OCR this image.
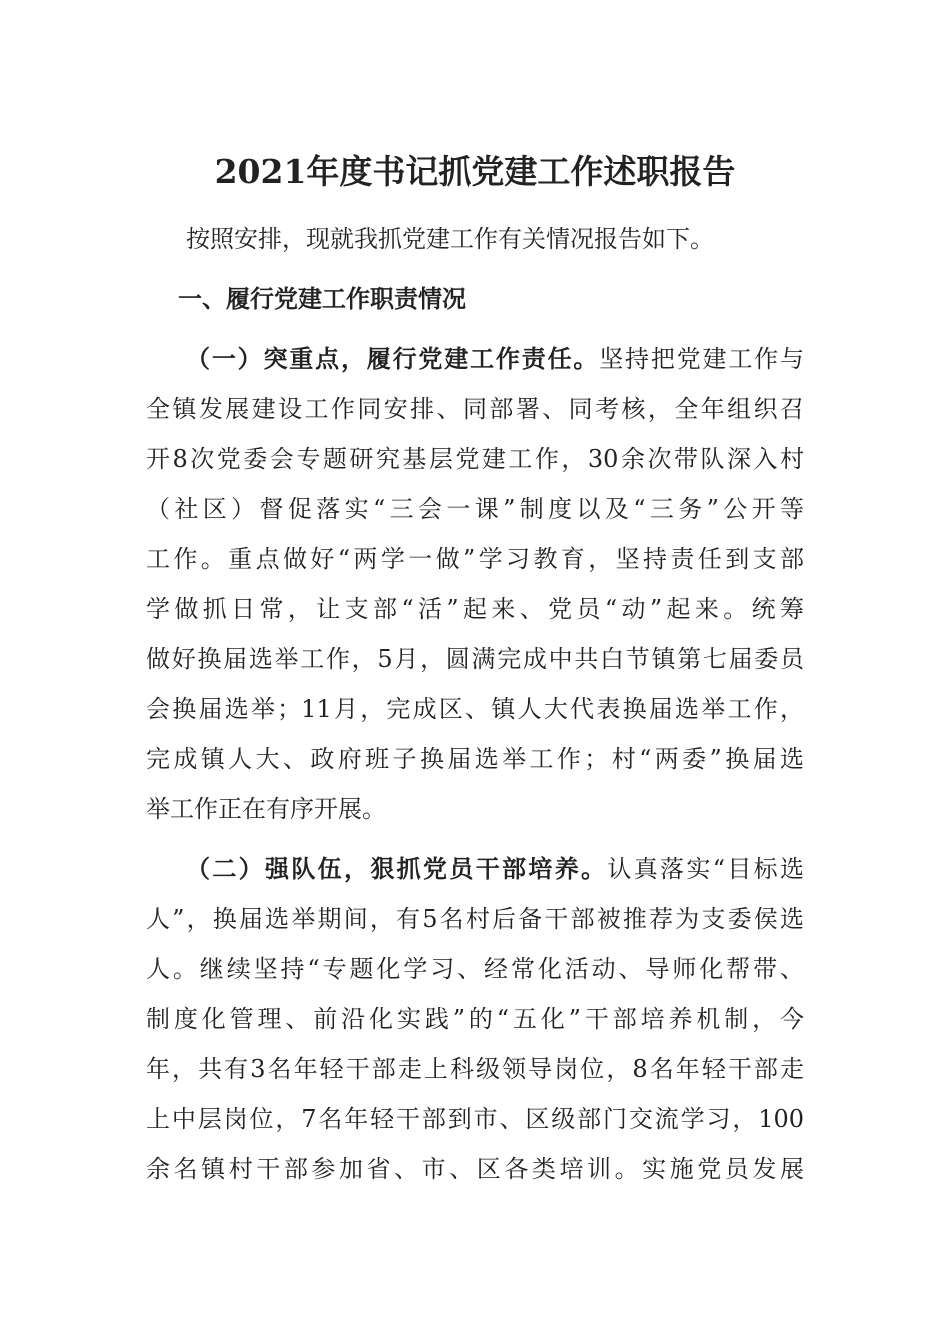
2021年度书记抓党建工作述职报告
按照安排，现就我抓党建工作有关情况报告如下。
一、履行党建工作职责情况
（一）突重点，履行党建工作责任。坚持把党建工作与
全镇发展建设工作同安排、同部署、同考核，全年组织召
开8次党委会专题研究基层党建工作，30余次带队深入村
（社区）督促落实“三会一课”制度以及“三务”公开等
工作。重点做好“两学一做”学习教育，坚持责任到支部
学做抓日常，让支部“活”起来、党员“动”起来。统筹
做好换届选举工作，5月，圆满完成中共白节镇第七届委员
会换届选举；11月，完成区、镇人大代表换届选举工作，
完成镇人大、政府班子换届选举工作；村“两委”换届选
举工作正在有序开展。
（二）强队伍，狠抓党员干部培养。认真落实“目标选
人”，换届选举期间，有5名村后备干部被推荐为支委侯选
人。继续坚持“专题化学习、经常化活动、导师化帮带、
制度化管理、前沿化实践”的“五化”干部培养机制，今
年，共有3名年轻干部走上科级领导岗位，8名年轻干部走
上中层岗位，7名年轻干部到市、区级部门交流学习，100
余名镇村干部参加省、市、区各类培训。实施党员发展
